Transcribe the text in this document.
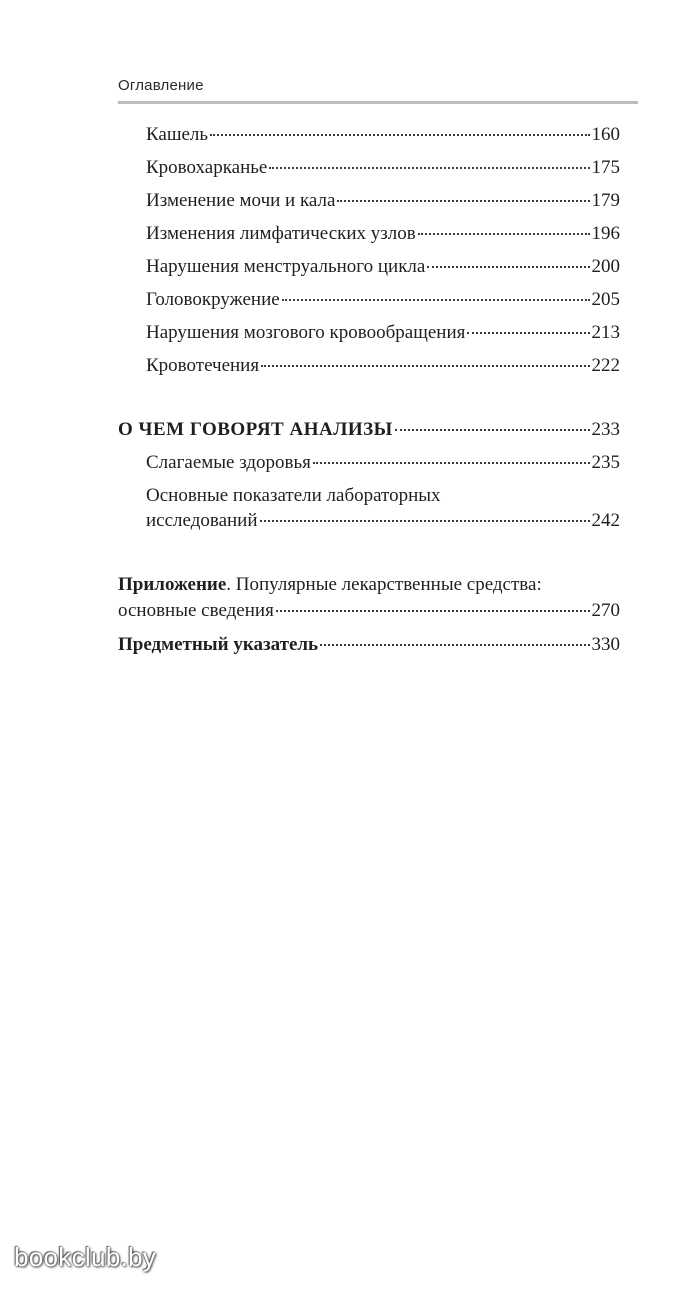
Оглавление
Кашель	160
Кровохарканье	175
Изменение мочи и кала	179
Изменения лимфатических узлов	196
Нарушения менструального цикла	200
Головокружение	205
Нарушения мозгового кровообращения	213
Кровотечения	222
О ЧЕМ ГОВОРЯТ АНАЛИЗЫ	233
Слагаемые здоровья	235
Основные показатели лабораторных
исследований	242
Приложение. Популярные лекарственные средства:
основные сведения	270
Предметный указатель	330
bookclub.by
